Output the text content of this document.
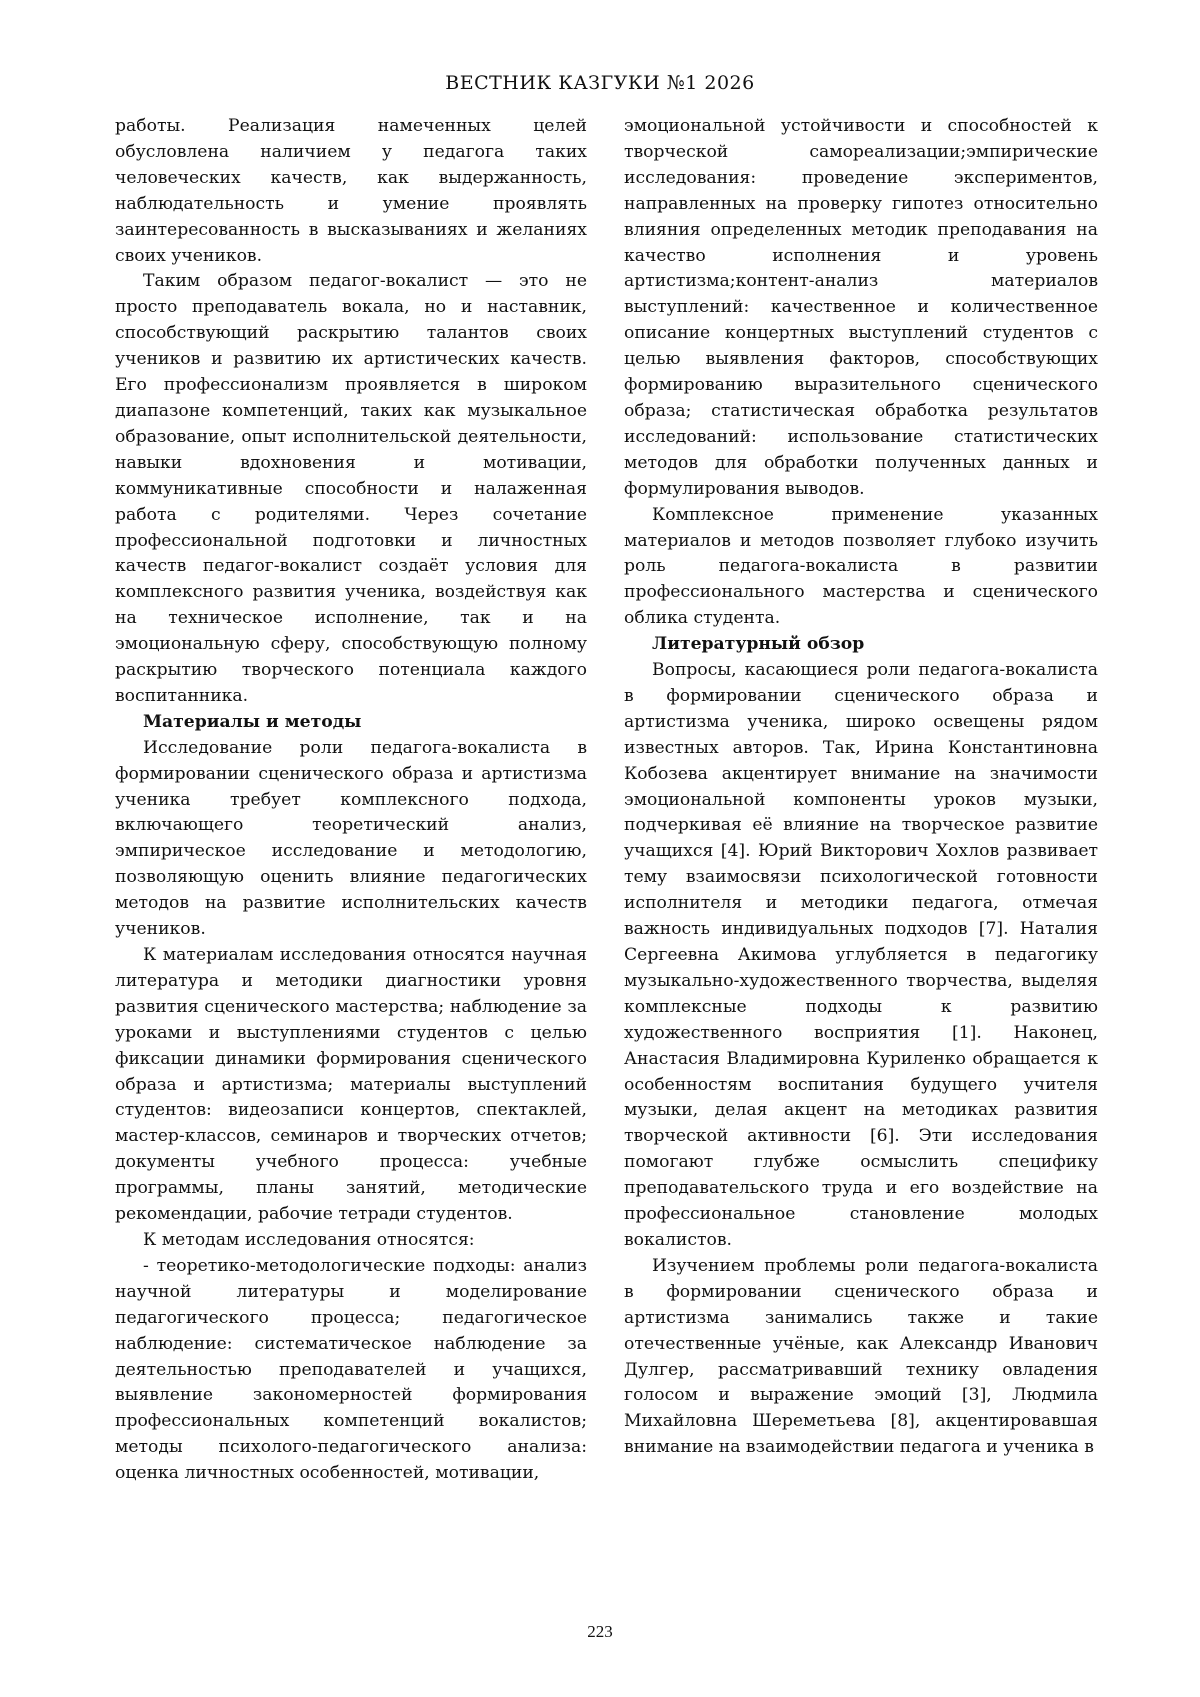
ВЕСТНИК КАЗГУКИ №1 2026

работы. Реализация намеченных целей обусловлена наличием у педагога таких человеческих качеств, как выдержанность, наблюдательность и умение проявлять заинтересованность в высказываниях и желаниях своих учеников.

Таким образом педагог-вокалист — это не просто преподаватель вокала, но и наставник, способствующий раскрытию талантов своих учеников и развитию их артистических качеств. Его профессионализм проявляется в широком диапазоне компетенций, таких как музыкальное образование, опыт исполнительской деятельности, навыки вдохновения и мотивации, коммуникативные способности и налаженная работа с родителями. Через сочетание профессиональной подготовки и личностных качеств педагог-вокалист создаёт условия для комплексного развития ученика, воздействуя как на техническое исполнение, так и на эмоциональную сферу, способствующую полному раскрытию творческого потенциала каждого воспитанника.

Материалы и методы

Исследование роли педагога-вокалиста в формировании сценического образа и артистизма ученика требует комплексного подхода, включающего теоретический анализ, эмпирическое исследование и методологию, позволяющую оценить влияние педагогических методов на развитие исполнительских качеств учеников.

К материалам исследования относятся научная литература и методики диагностики уровня развития сценического мастерства; наблюдение за уроками и выступлениями студентов с целью фиксации динамики формирования сценического образа и артистизма; материалы выступлений студентов: видеозаписи концертов, спектаклей, мастер-классов, семинаров и творческих отчетов; документы учебного процесса: учебные программы, планы занятий, методические рекомендации, рабочие тетради студентов.

К методам исследования относятся:

- теоретико-методологические подходы: анализ научной литературы и моделирование педагогического процесса; педагогическое наблюдение: систематическое наблюдение за деятельностью преподавателей и учащихся, выявление закономерностей формирования профессиональных компетенций вокалистов; методы психолого-педагогического анализа: оценка личностных особенностей, мотивации,

эмоциональной устойчивости и способностей к творческой самореализации;эмпирические исследования: проведение экспериментов, направленных на проверку гипотез относительно влияния определенных методик преподавания на качество исполнения и уровень артистизма;контент-анализ материалов выступлений: качественное и количественное описание концертных выступлений студентов с целью выявления факторов, способствующих формированию выразительного сценического образа; статистическая обработка результатов исследований: использование статистических методов для обработки полученных данных и формулирования выводов.

Комплексное применение указанных материалов и методов позволяет глубоко изучить роль педагога-вокалиста в развитии профессионального мастерства и сценического облика студента.

Литературный обзор

Вопросы, касающиеся роли педагога-вокалиста в формировании сценического образа и артистизма ученика, широко освещены рядом известных авторов. Так, Ирина Константиновна Кобозева акцентирует внимание на значимости эмоциональной компоненты уроков музыки, подчеркивая её влияние на творческое развитие учащихся [4]. Юрий Викторович Хохлов развивает тему взаимосвязи психологической готовности исполнителя и методики педагога, отмечая важность индивидуальных подходов [7]. Наталия Сергеевна Акимова углубляется в педагогику музыкально-художественного творчества, выделяя комплексные подходы к развитию художественного восприятия [1]. Наконец, Анастасия Владимировна Куриленко обращается к особенностям воспитания будущего учителя музыки, делая акцент на методиках развития творческой активности [6]. Эти исследования помогают глубже осмыслить специфику преподавательского труда и его воздействие на профессиональное становление молодых вокалистов.

Изучением проблемы роли педагога-вокалиста в формировании сценического образа и артистизма занимались также и такие отечественные учёные, как Александр Иванович Дулгер, рассматривавший технику овладения голосом и выражение эмоций [3], Людмила Михайловна Шереметьева [8], акцентировавшая внимание на взаимодействии педагога и ученика в

223
